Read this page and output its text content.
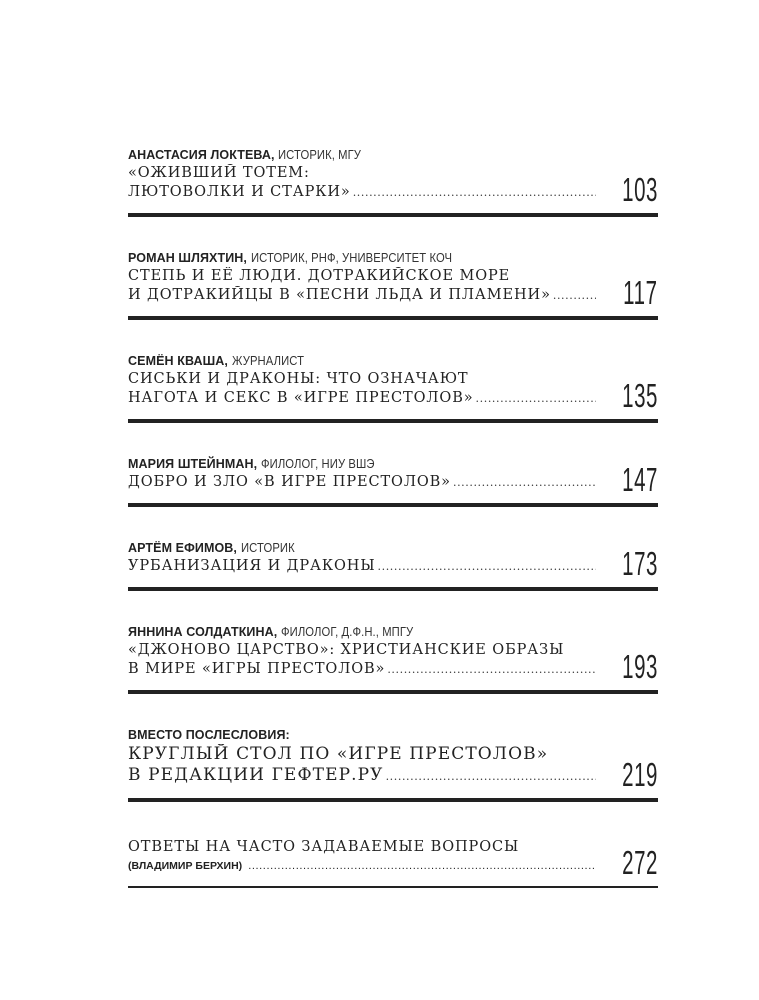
АНАСТАСИЯ ЛОКТЕВА, ИСТОРИК, МГУ
«ОЖИВШИЙ ТОТЕМ:
ЛЮТОВОЛКИ И СТАРКИ» .....	103
РОМАН ШЛЯХТИН, ИСТОРИК, РНФ, УНИВЕРСИТЕТ КОЧ
СТЕПЬ И ЕЁ ЛЮДИ. ДОТРАКИЙСКОЕ МОРЕ
И ДОТРАКИЙЦЫ В «ПЕСНИ ЛЬДА И ПЛАМЕНИ» ..... 117
СЕМЁН КВАША, ЖУРНАЛИСТ
СИСЬКИ И ДРАКОНЫ: ЧТО ОЗНАЧАЮТ
НАГОТА И СЕКС В «ИГРЕ ПРЕСТОЛОВ» .....	135
МАРИЯ ШТЕЙНМАН, ФИЛОЛОГ, НИУ ВШЭ
ДОБРО И ЗЛО «В ИГРЕ ПРЕСТОЛОВ» .....	147
АРТЁМ ЕФИМОВ, ИСТОРИК
УРБАНИЗАЦИЯ И ДРАКОНЫ .....	173
ЯННИНА СОЛДАТКИНА, ФИЛОЛОГ, Д.Ф.Н., МПГУ
«ДЖОНОВО ЦАРСТВО»: ХРИСТИАНСКИЕ ОБРАЗЫ
В МИРЕ «ИГРЫ ПРЕСТОЛОВ» .....	193
ВМЕСТО ПОСЛЕСЛОВИЯ:
КРУГЛЫЙ СТОЛ ПО «ИГРЕ ПРЕСТОЛОВ»
В РЕДАКЦИИ ГЕФТЕР.РУ .....	219
ОТВЕТЫ НА ЧАСТО ЗАДАВАЕМЫЕ ВОПРОСЫ
(ВЛАДИМИР БЕРХИН) .....	272
